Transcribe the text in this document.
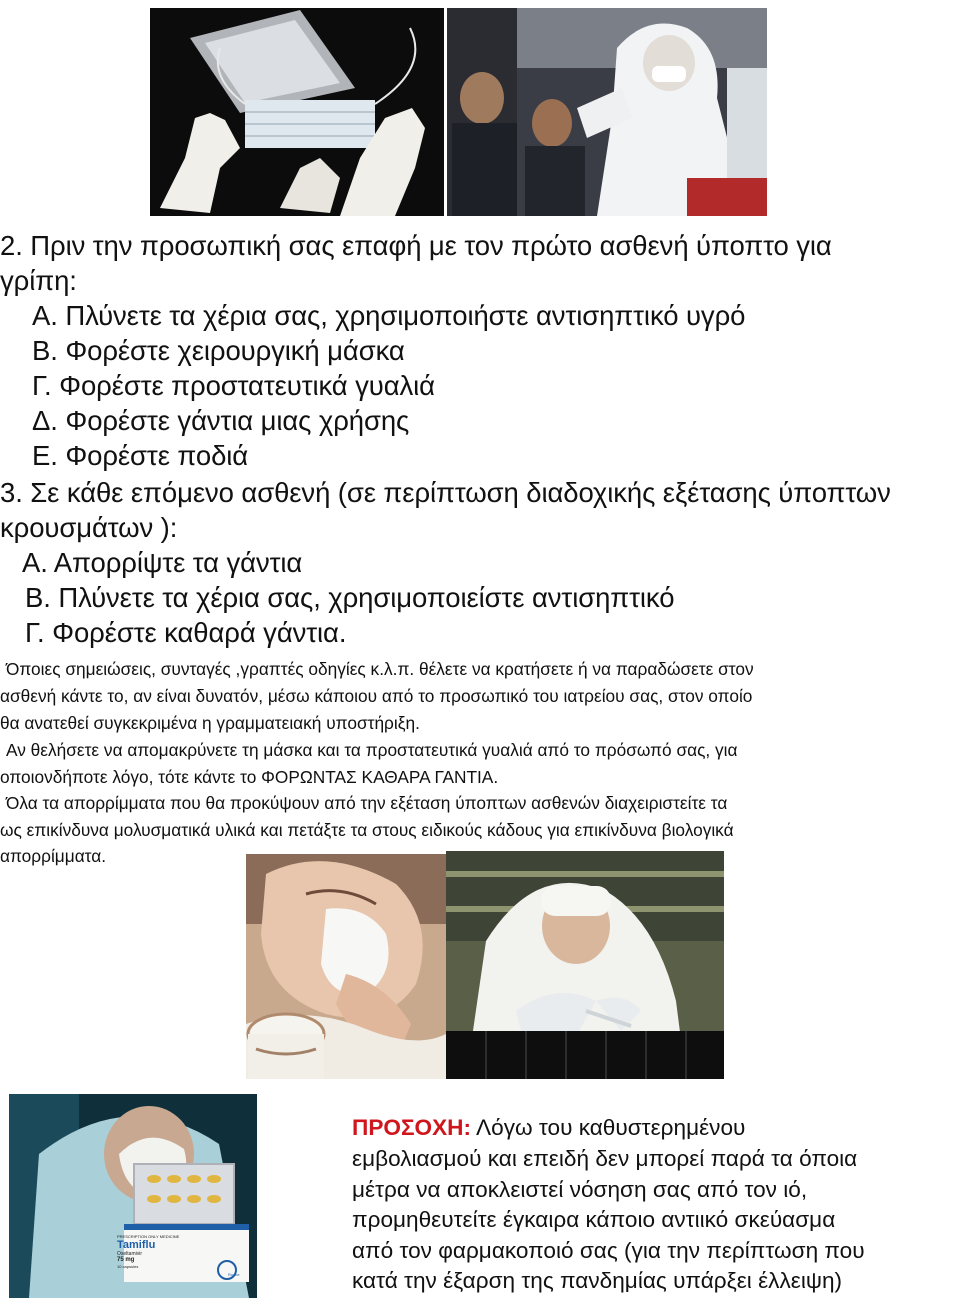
2. Πριν την προσωπική σας επαφή με τον πρώτο ασθενή ύποπτο για
γρίπη:
Α. Πλύνετε τα χέρια σας, χρησιμοποιήστε αντισηπτικό υγρό
Β. Φορέστε χειρουργική μάσκα
Γ. Φορέστε προστατευτικά γυαλιά
Δ. Φορέστε γάντια μιας χρήσης
Ε. Φορέστε ποδιά
3. Σε κάθε επόμενο ασθενή (σε περίπτωση διαδοχικής εξέτασης ύποπτων
κρουσμάτων ):
Α. Απορρίψτε τα γάντια
Β. Πλύνετε τα χέρια σας, χρησιμοποιείστε αντισηπτικό
Γ. Φορέστε καθαρά γάντια.
Όποιες σημειώσεις, συνταγές ,γραπτές οδηγίες κ.λ.π. θέλετε να κρατήσετε ή να παραδώσετε στον
ασθενή κάντε το, αν είναι δυνατόν, μέσω κάποιου από το προσωπικό του ιατρείου σας, στον οποίο
θα ανατεθεί συγκεκριμένα η γραμματειακή υποστήριξη.
Αν θελήσετε να απομακρύνετε τη μάσκα και τα προστατευτικά γυαλιά από το πρόσωπό σας, για
οποιονδήποτε λόγο, τότε κάντε το ΦΟΡΩΝΤΑΣ ΚΑΘΑΡΑ ΓΑΝΤΙΑ.
Όλα τα απορρίμματα που θα προκύψουν από την εξέταση ύποπτων ασθενών διαχειριστείτε τα
ως επικίνδυνα μολυσματικά υλικά και πετάξτε τα στους ειδικούς κάδους για επικίνδυνα βιολογικά
απορρίμματα.
PRESCRIPTION ONLY MEDICINE
Tamiflu
Oseltamivir
75 mg
10 capsules
Roche
ΠΡΟΣΟΧΗ: Λόγω του καθυστερημένου
εμβολιασμού και επειδή δεν μπορεί παρά τα όποια
μέτρα να αποκλειστεί νόσηση σας από τον ιό,
προμηθευτείτε έγκαιρα κάποιο αντιικό σκεύασμα
από τον φαρμακοποιό σας (για την περίπτωση που
κατά την έξαρση της πανδημίας υπάρξει έλλειψη)
